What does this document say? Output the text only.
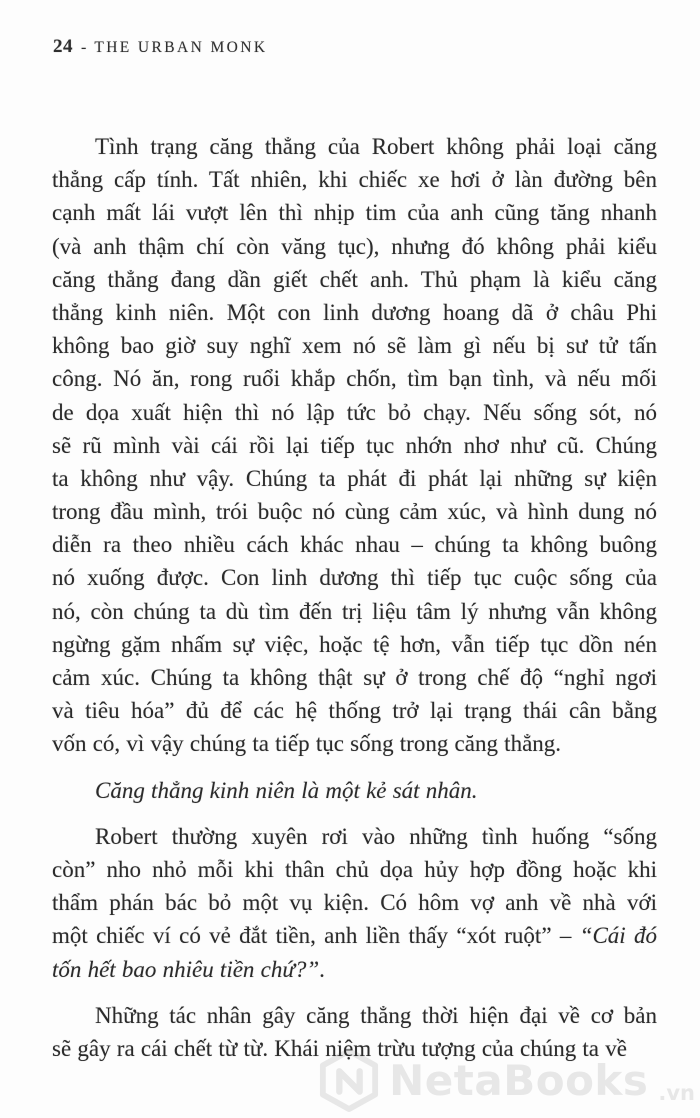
24 - THE URBAN MONK
Tình trạng căng thẳng của Robert không phải loại căng
thẳng cấp tính. Tất nhiên, khi chiếc xe hơi ở làn đường bên
cạnh mất lái vượt lên thì nhịp tim của anh cũng tăng nhanh
(và anh thậm chí còn văng tục), nhưng đó không phải kiểu
căng thẳng đang dần giết chết anh. Thủ phạm là kiểu căng
thẳng kinh niên. Một con linh dương hoang dã ở châu Phi
không bao giờ suy nghĩ xem nó sẽ làm gì nếu bị sư tử tấn
công. Nó ăn, rong ruổi khắp chốn, tìm bạn tình, và nếu mối
de dọa xuất hiện thì nó lập tức bỏ chạy. Nếu sống sót, nó
sẽ rũ mình vài cái rồi lại tiếp tục nhớn nhơ như cũ. Chúng
ta không như vậy. Chúng ta phát đi phát lại những sự kiện
trong đầu mình, trói buộc nó cùng cảm xúc, và hình dung nó
diễn ra theo nhiều cách khác nhau – chúng ta không buông
nó xuống được. Con linh dương thì tiếp tục cuộc sống của
nó, còn chúng ta dù tìm đến trị liệu tâm lý nhưng vẫn không
ngừng gặm nhấm sự việc, hoặc tệ hơn, vẫn tiếp tục dồn nén
cảm xúc. Chúng ta không thật sự ở trong chế độ “nghỉ ngơi
và tiêu hóa” đủ để các hệ thống trở lại trạng thái cân bằng
vốn có, vì vậy chúng ta tiếp tục sống trong căng thẳng.
Căng thẳng kinh niên là một kẻ sát nhân.
Robert thường xuyên rơi vào những tình huống “sống
còn” nho nhỏ mỗi khi thân chủ dọa hủy hợp đồng hoặc khi
thẩm phán bác bỏ một vụ kiện. Có hôm vợ anh về nhà với
một chiếc ví có vẻ đắt tiền, anh liền thấy “xót ruột” – “Cái đó
tốn hết bao nhiêu tiền chứ?”.
Những tác nhân gây căng thẳng thời hiện đại về cơ bản
sẽ gây ra cái chết từ từ. Khái niệm trừu tượng của chúng ta về
NetaBooks .vn
